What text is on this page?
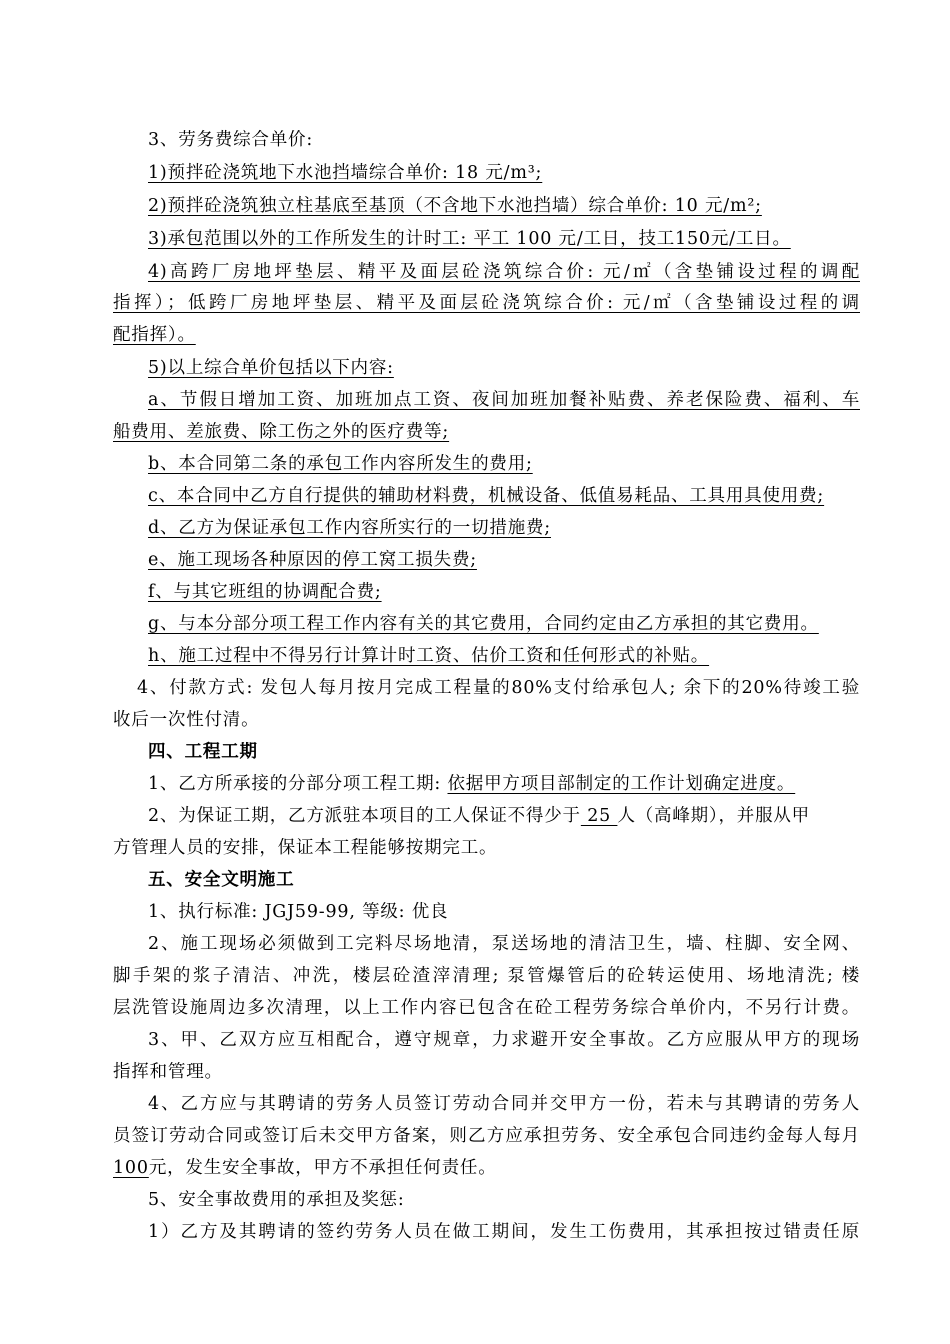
3、劳务费综合单价:
1)预拌砼浇筑地下水池挡墙综合单价: 18 元/m³;
2)预拌砼浇筑独立柱基底至基顶（不含地下水池挡墙）综合单价: 10 元/m²;
3)承包范围以外的工作所发生的计时工: 平工 100 元/工日，技工150元/工日。
4)高跨厂房地坪垫层、精平及面层砼浇筑综合价: 元/㎡（含垫铺设过程的调配
指挥）；低跨厂房地坪垫层、精平及面层砼浇筑综合价: 元/㎡（含垫铺设过程的调
配指挥）。
5)以上综合单价包括以下内容:
a、节假日增加工资、加班加点工资、夜间加班加餐补贴费、养老保险费、福利、车
船费用、差旅费、除工伤之外的医疗费等;
b、本合同第二条的承包工作内容所发生的费用;
c、本合同中乙方自行提供的辅助材料费，机械设备、低值易耗品、工具用具使用费;
d、乙方为保证承包工作内容所实行的一切措施费;
e、施工现场各种原因的停工窝工损失费;
f、与其它班组的协调配合费;
g、与本分部分项工程工作内容有关的其它费用，合同约定由乙方承担的其它费用。
h、施工过程中不得另行计算计时工资、估价工资和任何形式的补贴。
4、付款方式: 发包人每月按月完成工程量的80%支付给承包人; 余下的20%待竣工验
收后一次性付清。
四、工程工期
1、乙方所承接的分部分项工程工期: 依据甲方项目部制定的工作计划确定进度。
2、为保证工期，乙方派驻本项目的工人保证不得少于 25 人（高峰期），并服从甲
方管理人员的安排，保证本工程能够按期完工。
五、安全文明施工
1、执行标准: JGJ59-99, 等级: 优良
2、施工现场必须做到工完料尽场地清，泵送场地的清洁卫生，墙、柱脚、安全网、
脚手架的浆子清洁、冲洗，楼层砼渣滓清理; 泵管爆管后的砼转运使用、场地清洗; 楼
层洗管设施周边多次清理，以上工作内容已包含在砼工程劳务综合单价内，不另行计费。
3、甲、乙双方应互相配合，遵守规章，力求避开安全事故。乙方应服从甲方的现场
指挥和管理。
4、乙方应与其聘请的劳务人员签订劳动合同并交甲方一份，若未与其聘请的劳务人
员签订劳动合同或签订后未交甲方备案，则乙方应承担劳务、安全承包合同违约金每人每月
100元，发生安全事故，甲方不承担任何责任。
5、安全事故费用的承担及奖惩:
1）乙方及其聘请的签约劳务人员在做工期间，发生工伤费用，其承担按过错责任原
